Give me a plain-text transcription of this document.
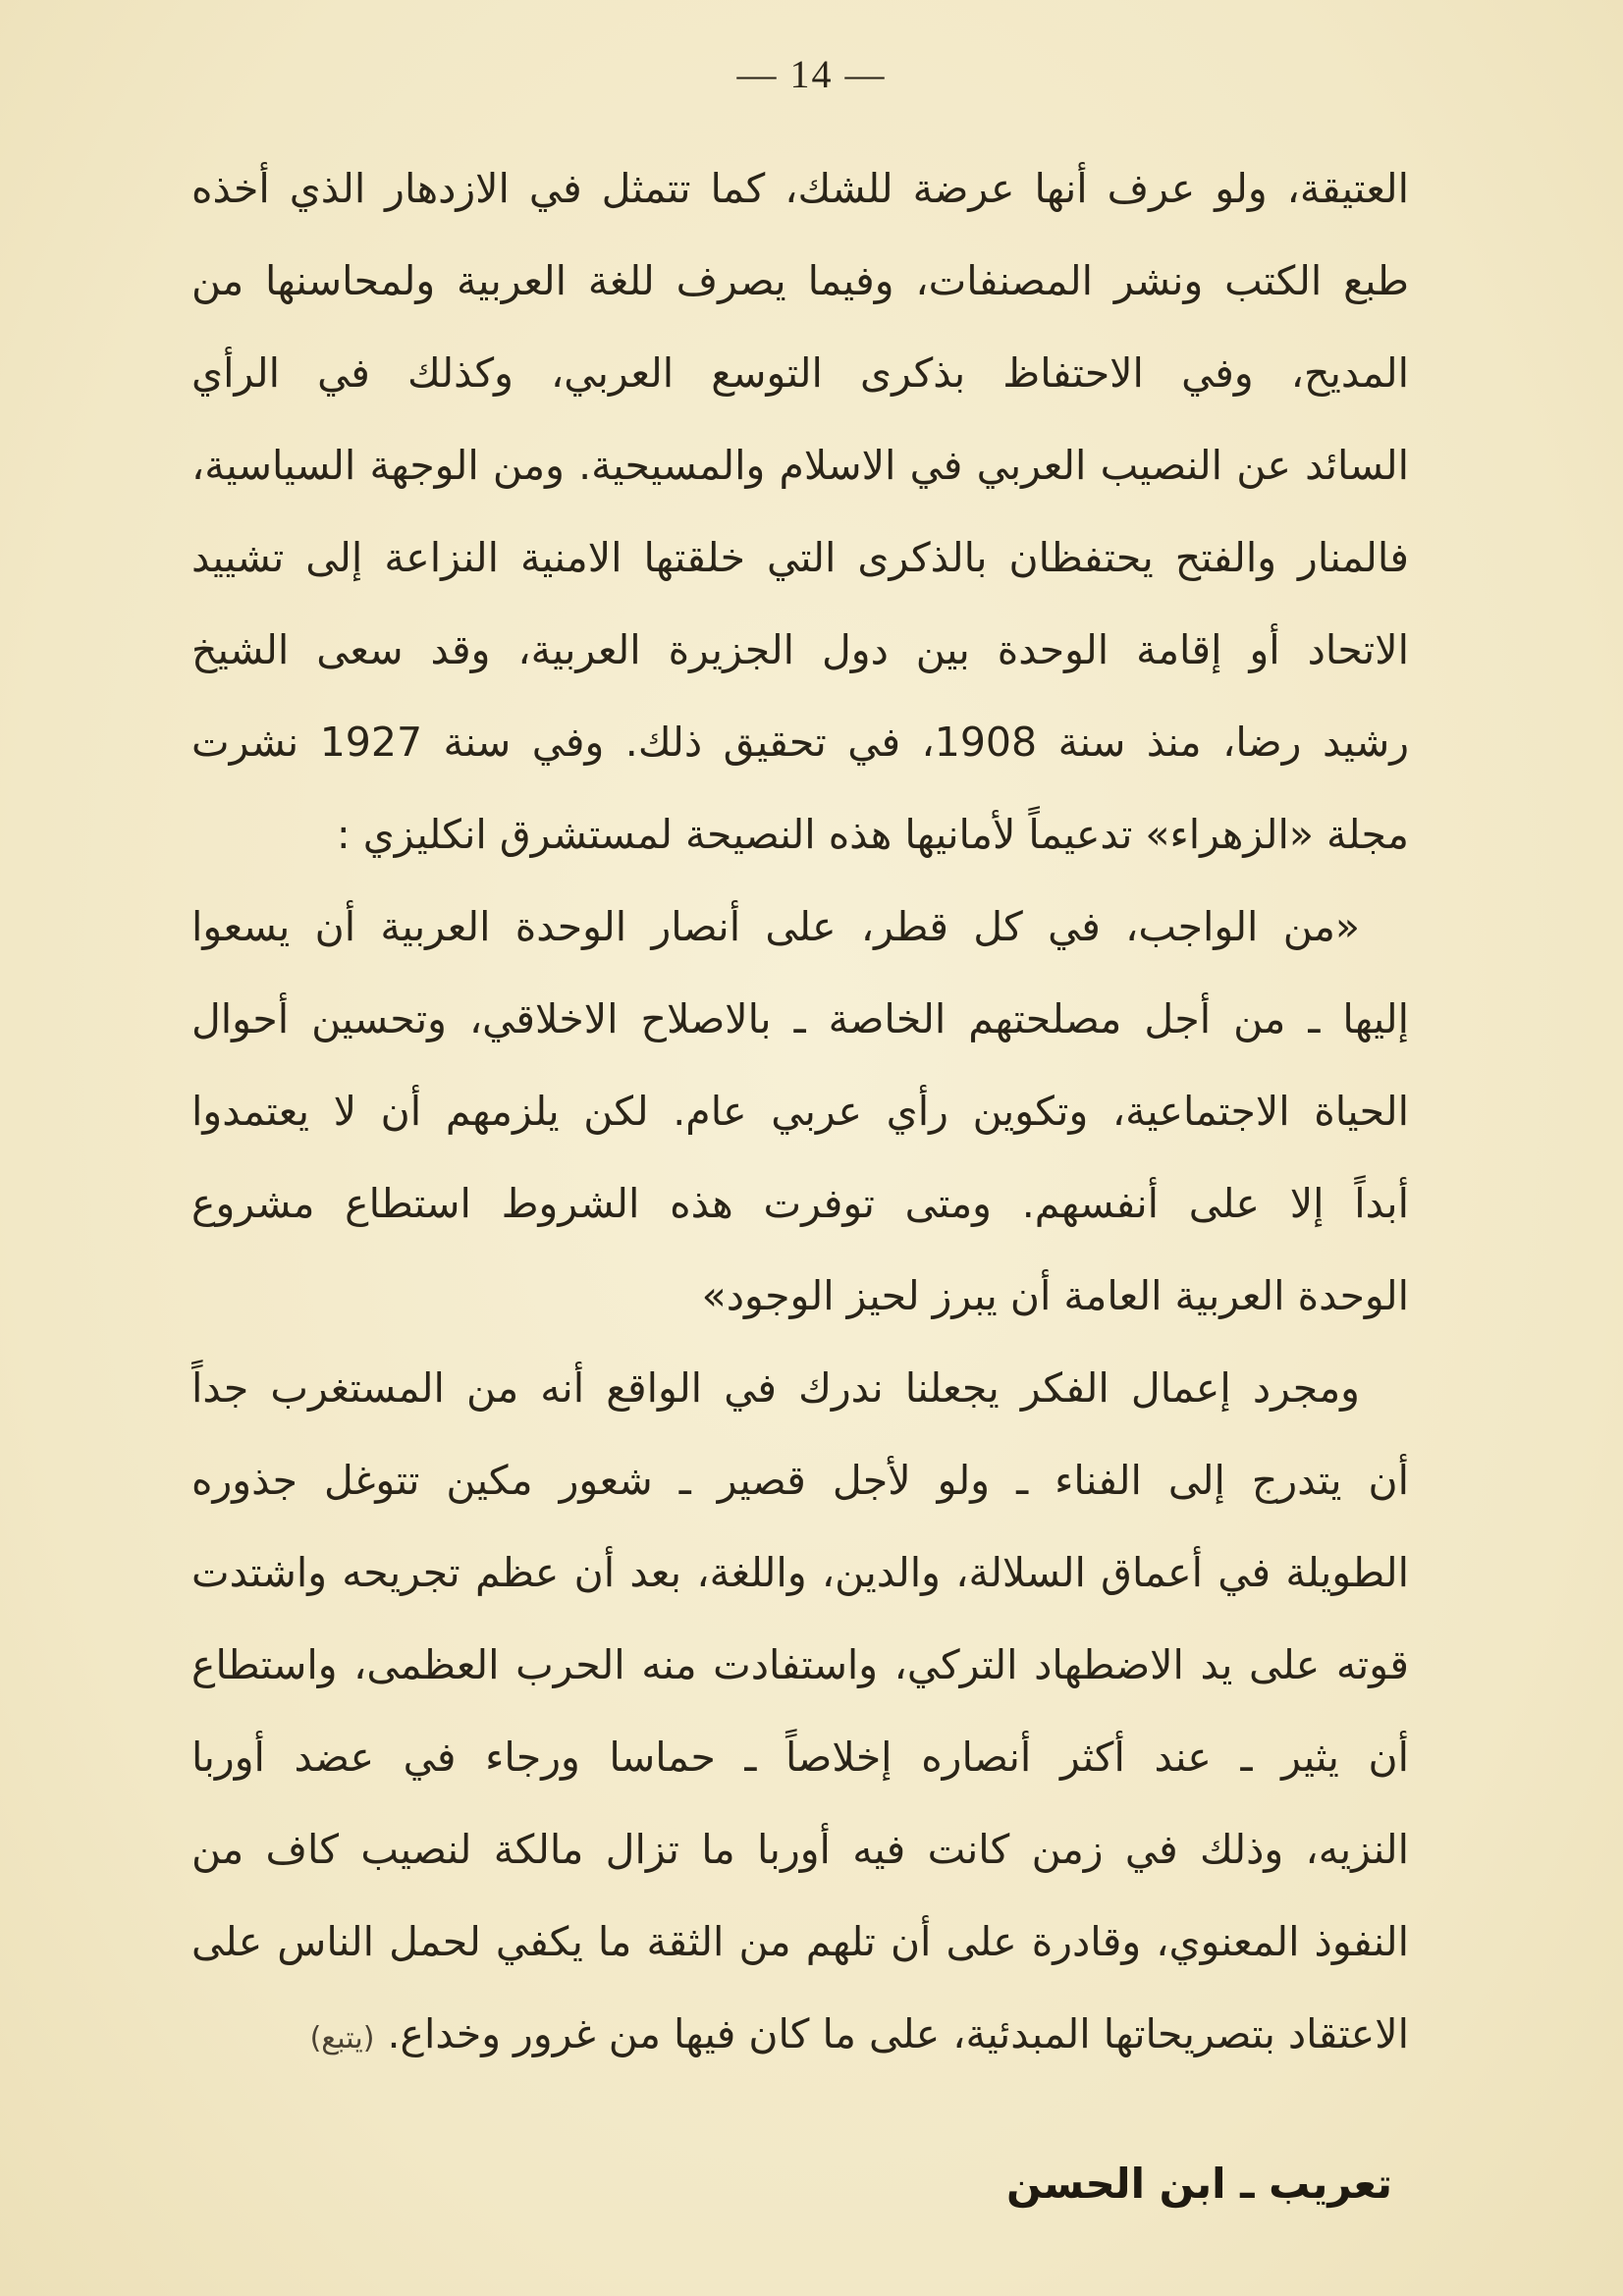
— 14 —
العتيقة، ولو عرف أنها عرضة للشك، كما تتمثل في الازدهار الذي أخذه
طبع الكتب ونشر المصنفات، وفيما يصرف للغة العربية ولمحاسنها من
المديح، وفي الاحتفاظ بذكرى التوسع العربي، وكذلك في الرأي
السائد عن النصيب العربي في الاسلام والمسيحية. ومن الوجهة السياسية،
فالمنار والفتح يحتفظان بالذكرى التي خلقتها الامنية النزاعة إلى تشييد
الاتحاد أو إقامة الوحدة بين دول الجزيرة العربية، وقد سعى الشيخ
رشيد رضا، منذ سنة 1908، في تحقيق ذلك. وفي سنة 1927 نشرت
مجلة «الزهراء» تدعيماً لأمانيها هذه النصيحة لمستشرق انكليزي :
«من الواجب، في كل قطر، على أنصار الوحدة العربية أن يسعوا
إليها ـ من أجل مصلحتهم الخاصة ـ بالاصلاح الاخلاقي، وتحسين أحوال
الحياة الاجتماعية، وتكوين رأي عربي عام. لكن يلزمهم أن لا يعتمدوا
أبداً إلا على أنفسهم. ومتى توفرت هذه الشروط استطاع مشروع
الوحدة العربية العامة أن يبرز لحيز الوجود»
ومجرد إعمال الفكر يجعلنا ندرك في الواقع أنه من المستغرب جداً
أن يتدرج إلى الفناء ـ ولو لأجل قصير ـ شعور مكين تتوغل جذوره
الطويلة في أعماق السلالة، والدين، واللغة، بعد أن عظم تجريحه واشتدت
قوته على يد الاضطهاد التركي، واستفادت منه الحرب العظمى، واستطاع
أن يثير ـ عند أكثر أنصاره إخلاصاً ـ حماسا ورجاء في عضد أوربا
النزيه، وذلك في زمن كانت فيه أوربا ما تزال مالكة لنصيب كاف من
النفوذ المعنوي، وقادرة على أن تلهم من الثقة ما يكفي لحمل الناس على
الاعتقاد بتصريحاتها المبدئية، على ما كان فيها من غرور وخداع. (يتبع)
تعريب ـ ابن الحسن
